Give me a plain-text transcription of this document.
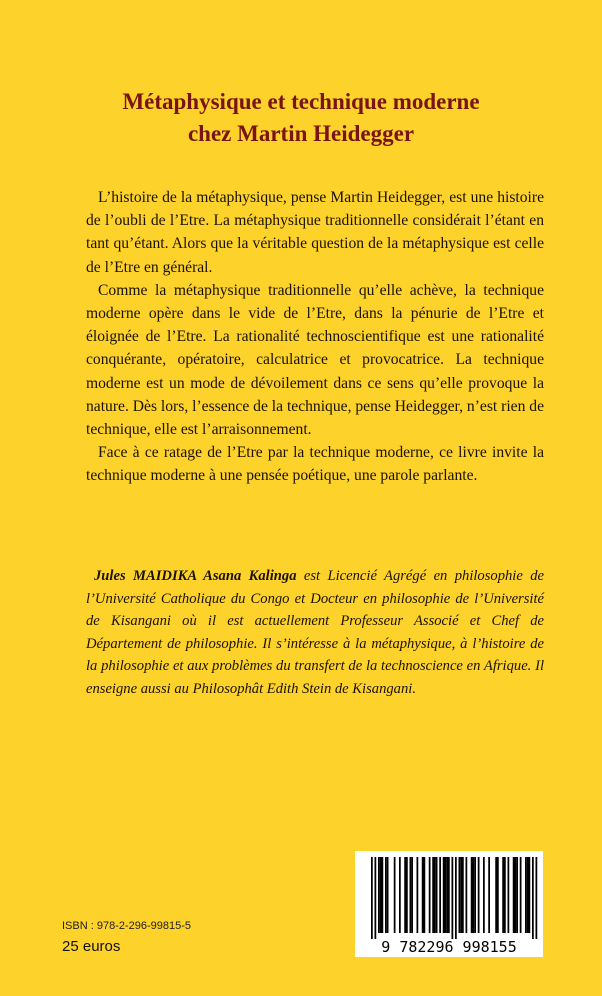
Métaphysique et technique moderne
chez Martin Heidegger

L’histoire de la métaphysique, pense Martin Heidegger, est une histoire de l’oubli de l’Etre. La métaphysique traditionnelle considérait l’étant en tant qu’étant. Alors que la véritable question de la métaphysique est celle de l’Etre en général.

Comme la métaphysique traditionnelle qu’elle achève, la technique moderne opère dans le vide de l’Etre, dans la pénurie de l’Etre et éloignée de l’Etre. La rationalité technoscientifique est une rationalité conquérante, opératoire, calculatrice et provocatrice. La technique moderne est un mode de dévoilement dans ce sens qu’elle provoque la nature. Dès lors, l’essence de la technique, pense Heidegger, n’est rien de technique, elle est l’arraisonnement.

Face à ce ratage de l’Etre par la technique moderne, ce livre invite la technique moderne à une pensée poétique, une parole parlante.

Jules MAIDIKA Asana Kalinga est Licencié Agrégé en philosophie de l’Université Catholique du Congo et Docteur en philosophie de l’Université de Kisangani où il est actuellement Professeur Associé et Chef de Département de philosophie. Il s’intéresse à la métaphysique, à l’histoire de la philosophie et aux problèmes du transfert de la technoscience en Afrique. Il enseigne aussi au Philosophât Edith Stein de Kisangani.
ISBN : 978-2-296-99815-5
25 euros	9 782296 998155
